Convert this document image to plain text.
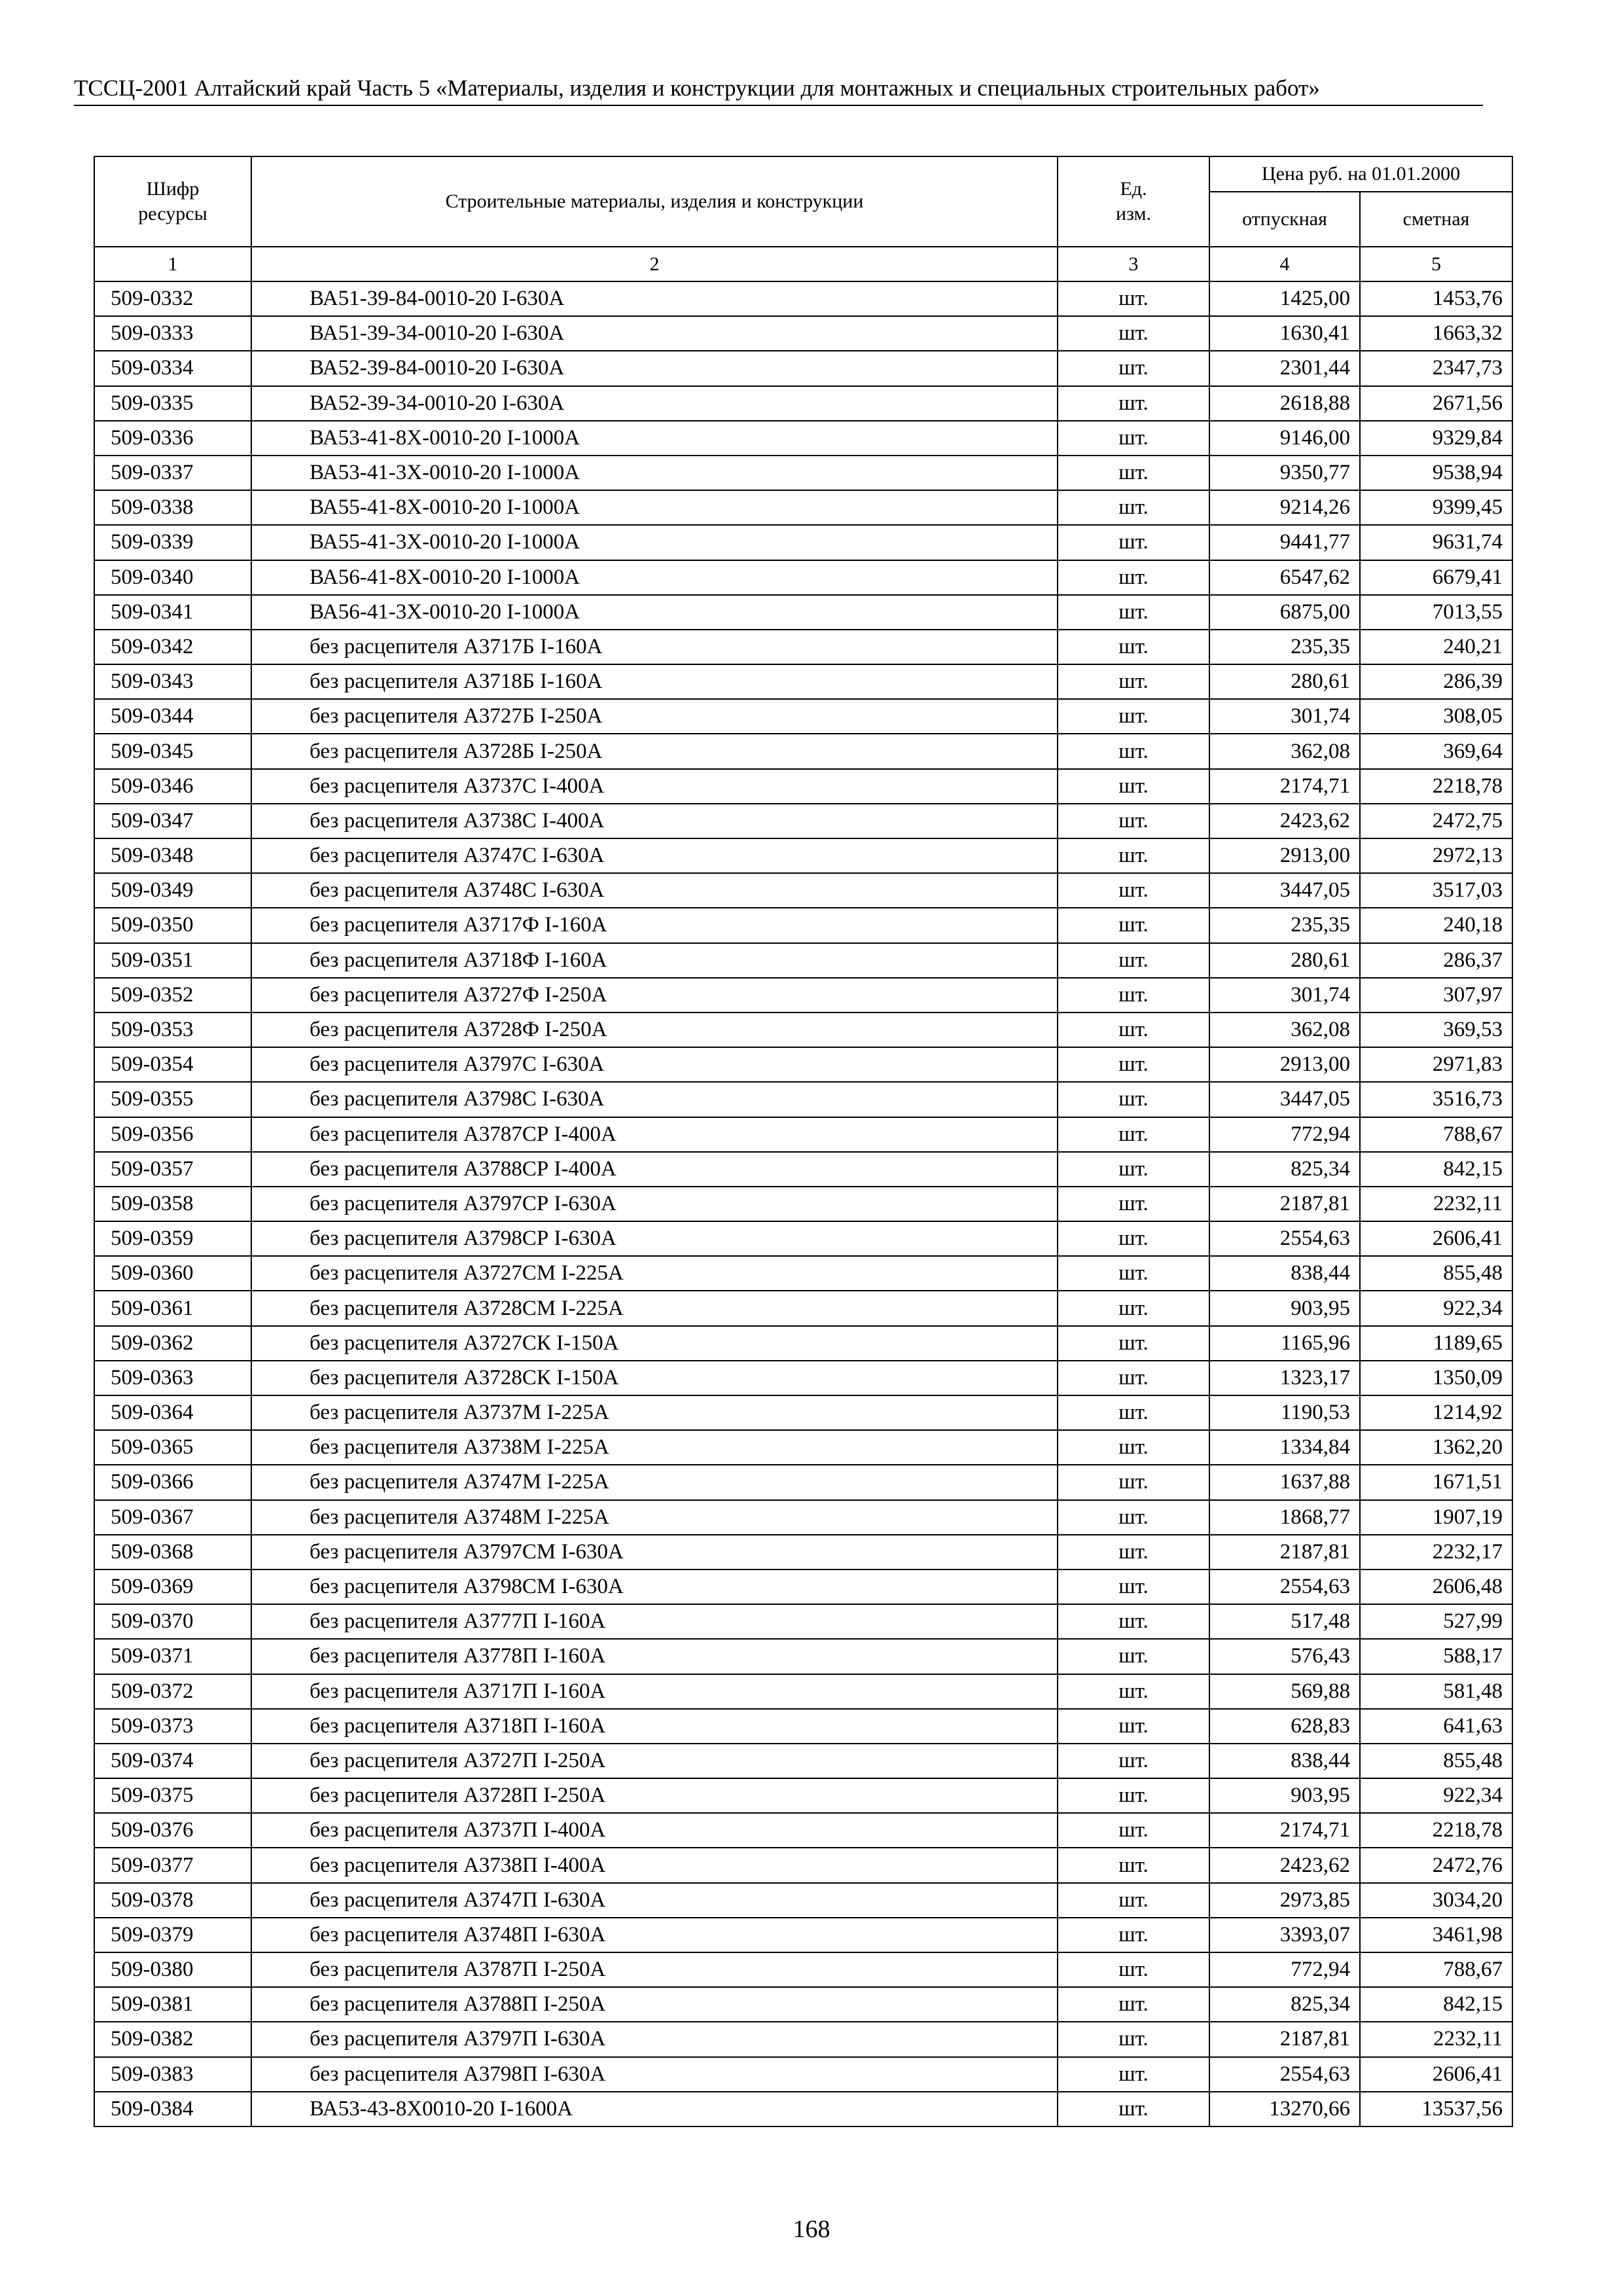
ТССЦ-2001 Алтайский край Часть 5 «Материалы, изделия и конструкции для монтажных и специальных строительных работ»
Шифр ресурсы	Строительные материалы, изделия и конструкции	Ед. изм.	Цена руб. на 01.01.2000	
			отпускная	сметная
1	2	3	4	5
509-0332	ВА51-39-84-0010-20 I-630А	шт.	1425,00	1453,76
509-0333	ВА51-39-34-0010-20 I-630А	шт.	1630,41	1663,32
509-0334	ВА52-39-84-0010-20 I-630А	шт.	2301,44	2347,73
509-0335	ВА52-39-34-0010-20 I-630А	шт.	2618,88	2671,56
509-0336	ВА53-41-8Х-0010-20 I-1000А	шт.	9146,00	9329,84
509-0337	ВА53-41-3Х-0010-20 I-1000А	шт.	9350,77	9538,94
509-0338	ВА55-41-8Х-0010-20 I-1000А	шт.	9214,26	9399,45
509-0339	ВА55-41-3Х-0010-20 I-1000А	шт.	9441,77	9631,74
509-0340	ВА56-41-8Х-0010-20 I-1000А	шт.	6547,62	6679,41
509-0341	ВА56-41-3Х-0010-20 I-1000А	шт.	6875,00	7013,55
509-0342	без расцепителя А3717Б I-160А	шт.	235,35	240,21
509-0343	без расцепителя А3718Б I-160А	шт.	280,61	286,39
509-0344	без расцепителя А3727Б I-250А	шт.	301,74	308,05
509-0345	без расцепителя А3728Б I-250А	шт.	362,08	369,64
509-0346	без расцепителя А3737С I-400А	шт.	2174,71	2218,78
509-0347	без расцепителя А3738С I-400А	шт.	2423,62	2472,75
509-0348	без расцепителя А3747С I-630А	шт.	2913,00	2972,13
509-0349	без расцепителя А3748С I-630А	шт.	3447,05	3517,03
509-0350	без расцепителя А3717Ф I-160А	шт.	235,35	240,18
509-0351	без расцепителя А3718Ф I-160А	шт.	280,61	286,37
509-0352	без расцепителя А3727Ф I-250А	шт.	301,74	307,97
509-0353	без расцепителя А3728Ф I-250А	шт.	362,08	369,53
509-0354	без расцепителя А3797С I-630А	шт.	2913,00	2971,83
509-0355	без расцепителя А3798С I-630А	шт.	3447,05	3516,73
509-0356	без расцепителя А3787СР I-400А	шт.	772,94	788,67
509-0357	без расцепителя А3788СР I-400А	шт.	825,34	842,15
509-0358	без расцепителя А3797СР I-630А	шт.	2187,81	2232,11
509-0359	без расцепителя А3798СР I-630А	шт.	2554,63	2606,41
509-0360	без расцепителя А3727СМ I-225А	шт.	838,44	855,48
509-0361	без расцепителя А3728СМ I-225А	шт.	903,95	922,34
509-0362	без расцепителя А3727СК I-150А	шт.	1165,96	1189,65
509-0363	без расцепителя А3728СК I-150А	шт.	1323,17	1350,09
509-0364	без расцепителя А3737М I-225А	шт.	1190,53	1214,92
509-0365	без расцепителя А3738М I-225А	шт.	1334,84	1362,20
509-0366	без расцепителя А3747М I-225А	шт.	1637,88	1671,51
509-0367	без расцепителя А3748М I-225А	шт.	1868,77	1907,19
509-0368	без расцепителя А3797СМ I-630А	шт.	2187,81	2232,17
509-0369	без расцепителя А3798СМ I-630А	шт.	2554,63	2606,48
509-0370	без расцепителя А3777П I-160А	шт.	517,48	527,99
509-0371	без расцепителя А3778П I-160А	шт.	576,43	588,17
509-0372	без расцепителя А3717П I-160А	шт.	569,88	581,48
509-0373	без расцепителя А3718П I-160А	шт.	628,83	641,63
509-0374	без расцепителя А3727П I-250А	шт.	838,44	855,48
509-0375	без расцепителя А3728П I-250А	шт.	903,95	922,34
509-0376	без расцепителя А3737П I-400А	шт.	2174,71	2218,78
509-0377	без расцепителя А3738П I-400А	шт.	2423,62	2472,76
509-0378	без расцепителя А3747П I-630А	шт.	2973,85	3034,20
509-0379	без расцепителя А3748П I-630А	шт.	3393,07	3461,98
509-0380	без расцепителя А3787П I-250А	шт.	772,94	788,67
509-0381	без расцепителя А3788П I-250А	шт.	825,34	842,15
509-0382	без расцепителя А3797П I-630А	шт.	2187,81	2232,11
509-0383	без расцепителя А3798П I-630А	шт.	2554,63	2606,41
509-0384	ВА53-43-8Х0010-20 I-1600А	шт.	13270,66	13537,56
168
